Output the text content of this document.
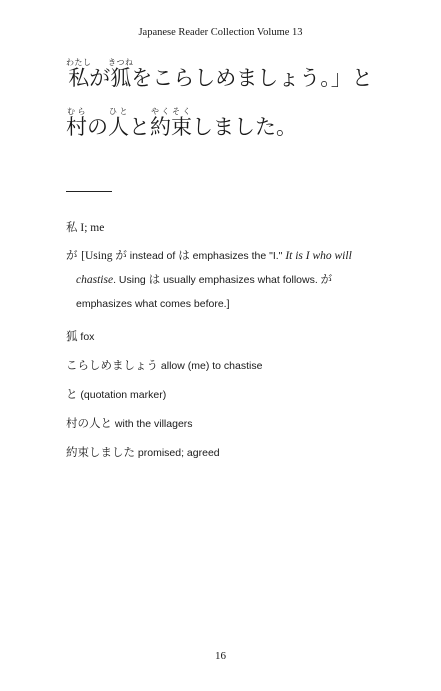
Japanese Reader Collection Volume 13
私わたしが狐きつねをこらしめましょう。」と
村むらの人ひとと約束やくそくしました。

私 I; me

が [Using が instead of は emphasizes the "I." It is I who will
chastise. Using は usually emphasizes what follows. が
emphasizes what comes before.]

狐 fox

こらしめましょう allow (me) to chastise

と (quotation marker)

村の人と with the villagers

約束しました promised; agreed

16
